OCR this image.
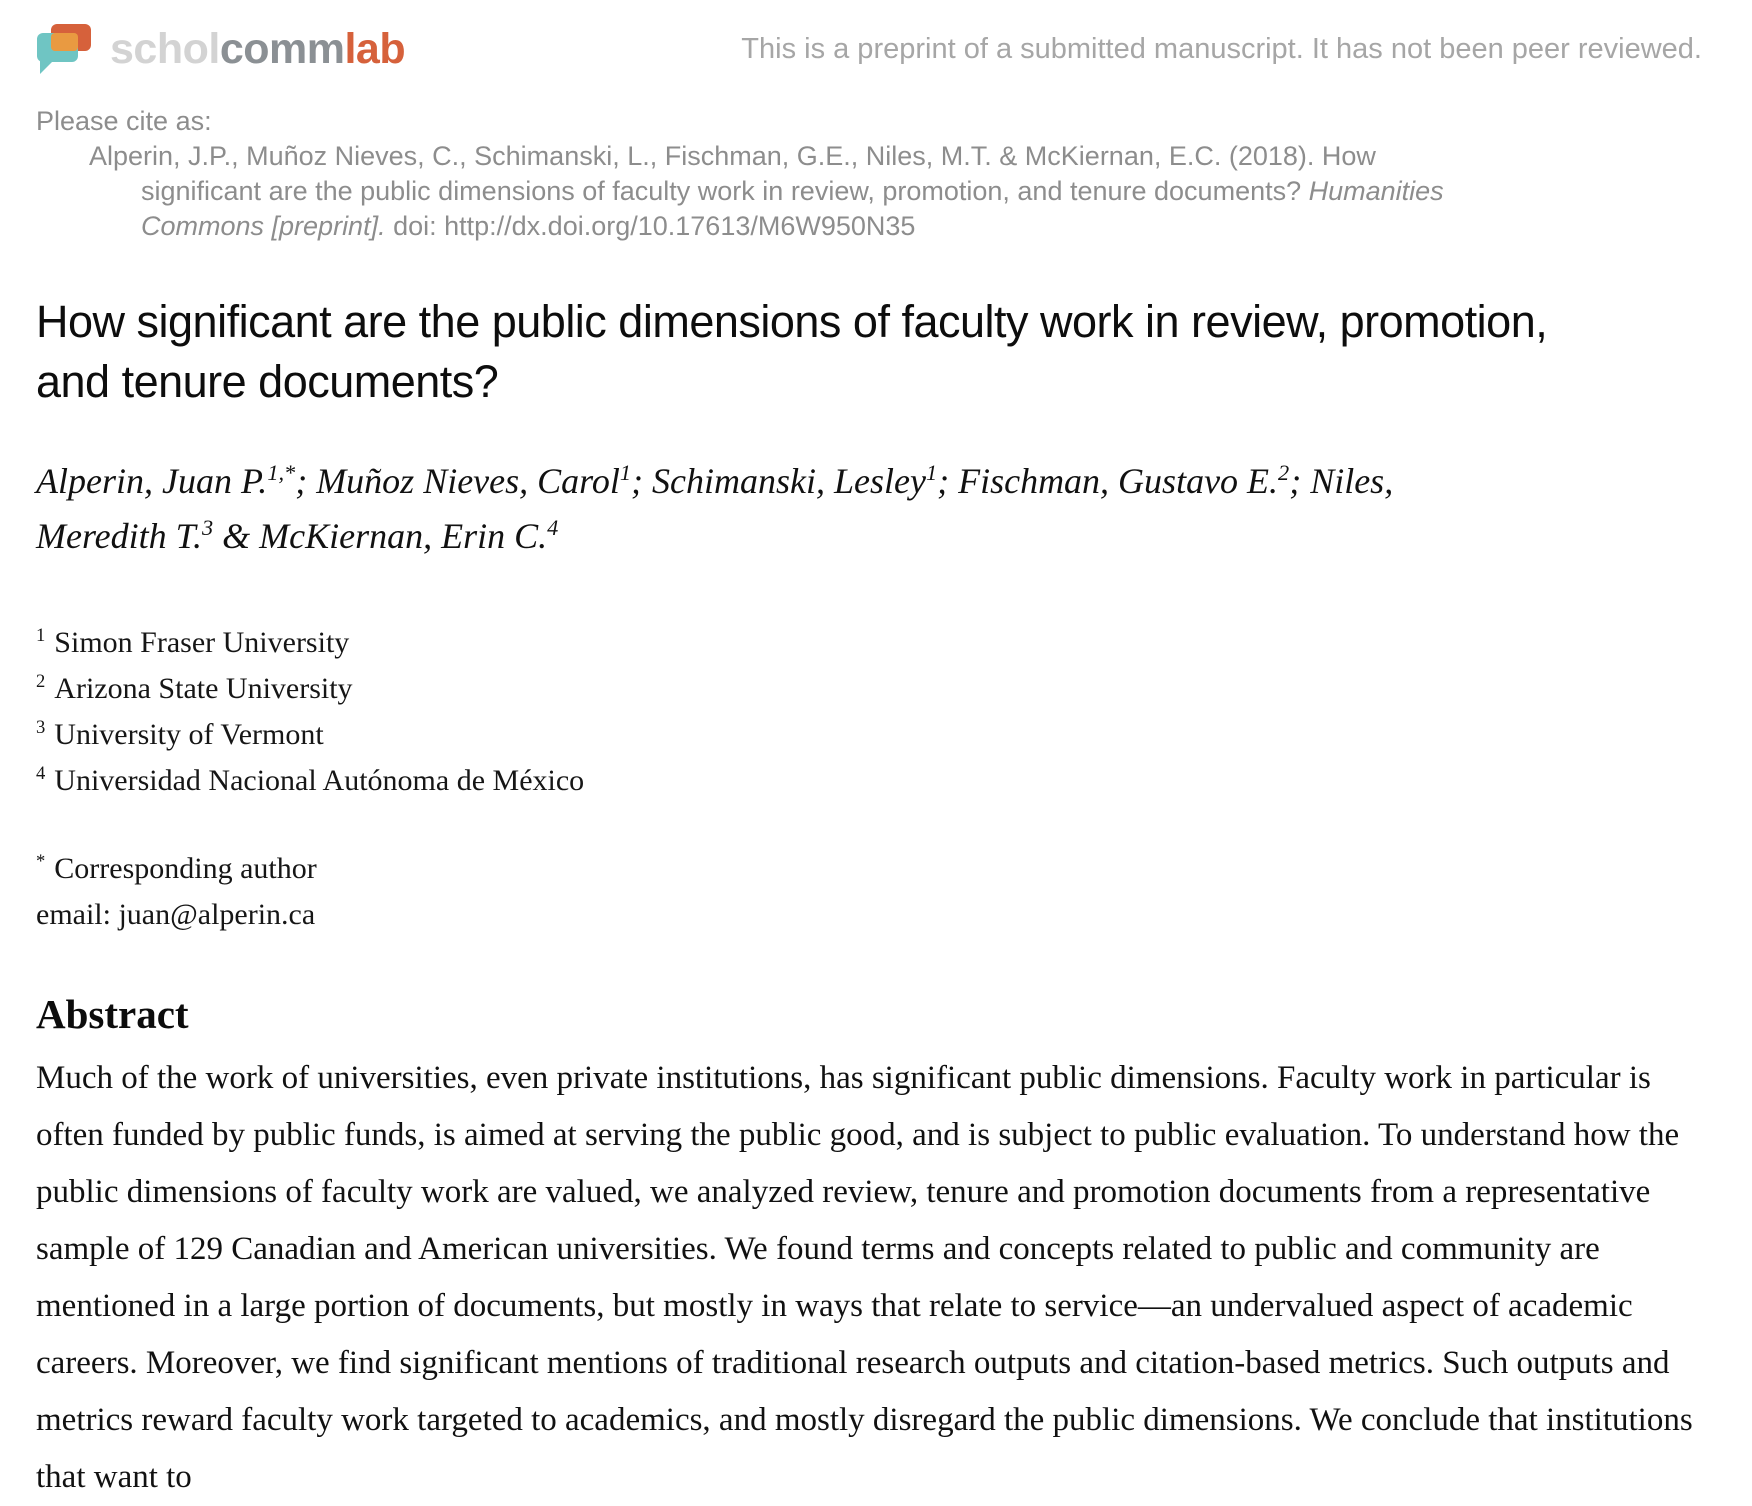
scholcommlab	This is a preprint of a submitted manuscript. It has not been peer reviewed.

Please cite as:

Alperin, J.P., Muñoz Nieves, C., Schimanski, L., Fischman, G.E., Niles, M.T. & McKiernan, E.C. (2018). How significant are the public dimensions of faculty work in review, promotion, and tenure documents? Humanities Commons [preprint]. doi: http://dx.doi.org/10.17613/M6W950N35

How significant are the public dimensions of faculty work in review, promotion, and tenure documents?

Alperin, Juan P.$^{1,*}$; Muñoz Nieves, Carol$^1$; Schimanski, Lesley$^1$; Fischman, Gustavo E.$^2$; Niles, Meredith T.$^3$ & McKiernan, Erin C.$^4$

$^1$ Simon Fraser University
$^2$ Arizona State University
$^3$ University of Vermont
$^4$ Universidad Nacional Autónoma de México
* Corresponding author
email: juan@alperin.ca
Abstract

Much of the work of universities, even private institutions, has significant public dimensions. Faculty work in particular is often funded by public funds, is aimed at serving the public good, and is subject to public evaluation. To understand how the public dimensions of faculty work are valued, we analyzed review, tenure and promotion documents from a representative sample of 129 Canadian and American universities. We found terms and concepts related to public and community are mentioned in a large portion of documents, but mostly in ways that relate to service—an undervalued aspect of academic careers. Moreover, we find significant mentions of traditional research outputs and citation-based metrics. Such outputs and metrics reward faculty work targeted to academics, and mostly disregard the public dimensions. We conclude that institutions that want to
